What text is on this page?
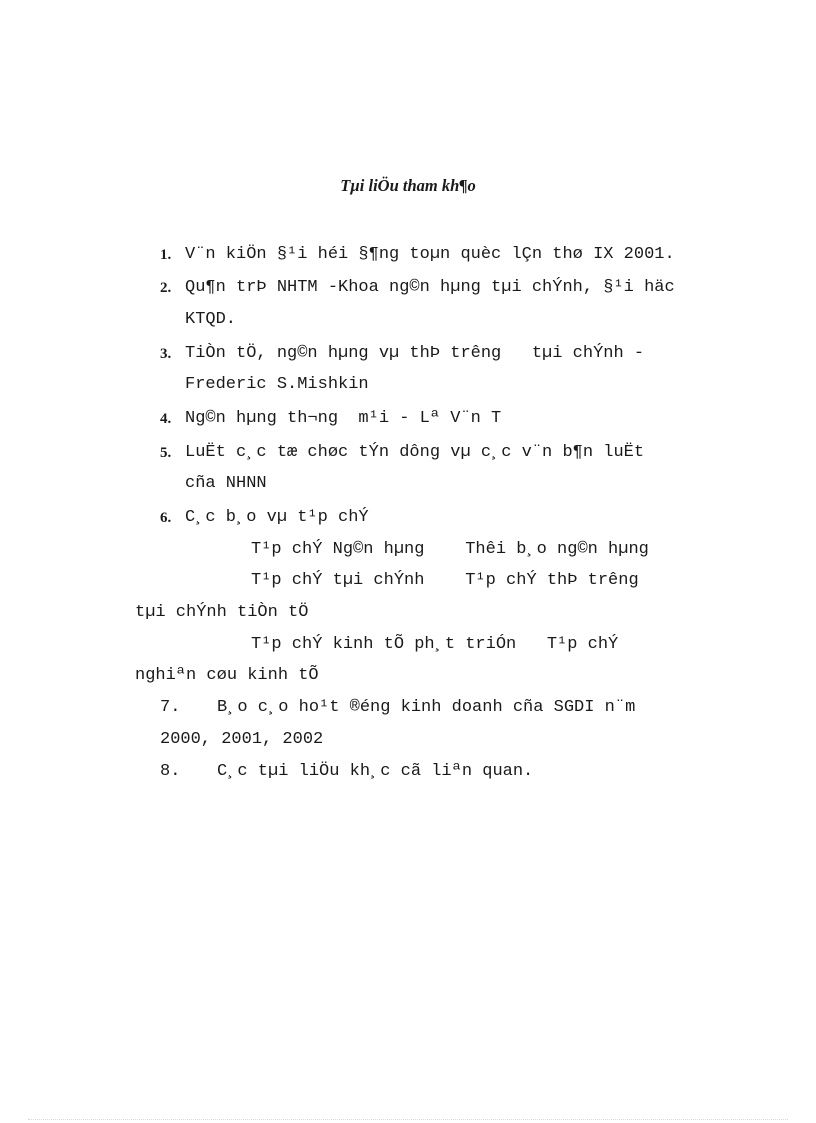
Tµi liÖu tham kh¶o
1. V¨n kiÖn §¹i héi §¶ng toµn quèc lÇn thø IX 2001.
2. Qu¶n trÞ NHTM -Khoa ng©n hµng tµi chÝnh, §¹i häc
KTQD.
3. TiÒn tÖ, ng©n hµng vµ thÞ trêng   tµi chÝnh -
Frederic S.Mishkin
4. Ng©n hµng th¬ng  m¹i - Lª V¨n T
5. LuËt c¸c tæ chøc tÝn dông vµ c¸c v¨n b¶n luËt
cña NHNN
6. C¸c b¸o vµ t¹p chÝ
T¹p chÝ Ng©n hµng    Thêi b¸o ng©n hµng
T¹p chÝ tµi chÝnh    T¹p chÝ thÞ trêng
tµi chÝnh tiÒn tÖ
T¹p chÝ kinh tÕ ph¸t triÓn   T¹p chÝ
nghiªn cøu kinh tÕ
7. B¸o c¸o ho¹t ®éng kinh doanh cña SGDI n¨m
2000, 2001, 2002
8. C¸c tµi liÖu kh¸c cã liªn quan.
